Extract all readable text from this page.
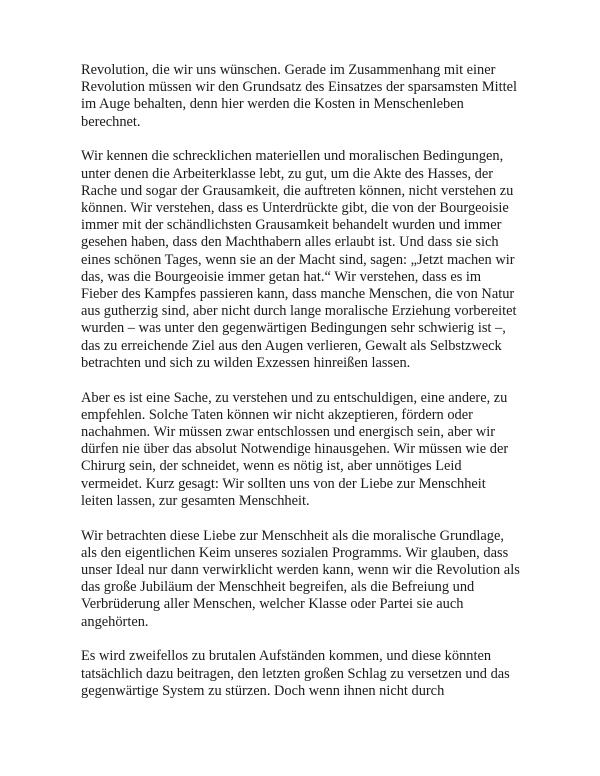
Revolution, die wir uns wünschen. Gerade im Zusammenhang mit einer
Revolution müssen wir den Grundsatz des Einsatzes der sparsamsten Mittel
im Auge behalten, denn hier werden die Kosten in Menschenleben
berechnet.

Wir kennen die schrecklichen materiellen und moralischen Bedingungen,
unter denen die Arbeiterklasse lebt, zu gut, um die Akte des Hasses, der
Rache und sogar der Grausamkeit, die auftreten können, nicht verstehen zu
können. Wir verstehen, dass es Unterdrückte gibt, die von der Bourgeoisie
immer mit der schändlichsten Grausamkeit behandelt wurden und immer
gesehen haben, dass den Machthabern alles erlaubt ist. Und dass sie sich
eines schönen Tages, wenn sie an der Macht sind, sagen: „Jetzt machen wir
das, was die Bourgeoisie immer getan hat.“ Wir verstehen, dass es im
Fieber des Kampfes passieren kann, dass manche Menschen, die von Natur
aus gutherzig sind, aber nicht durch lange moralische Erziehung vorbereitet
wurden – was unter den gegenwärtigen Bedingungen sehr schwierig ist –,
das zu erreichende Ziel aus den Augen verlieren, Gewalt als Selbstzweck
betrachten und sich zu wilden Exzessen hinreißen lassen.

Aber es ist eine Sache, zu verstehen und zu entschuldigen, eine andere, zu
empfehlen. Solche Taten können wir nicht akzeptieren, fördern oder
nachahmen. Wir müssen zwar entschlossen und energisch sein, aber wir
dürfen nie über das absolut Notwendige hinausgehen. Wir müssen wie der
Chirurg sein, der schneidet, wenn es nötig ist, aber unnötiges Leid
vermeidet. Kurz gesagt: Wir sollten uns von der Liebe zur Menschheit
leiten lassen, zur gesamten Menschheit.

Wir betrachten diese Liebe zur Menschheit als die moralische Grundlage,
als den eigentlichen Keim unseres sozialen Programms. Wir glauben, dass
unser Ideal nur dann verwirklicht werden kann, wenn wir die Revolution als
das große Jubiläum der Menschheit begreifen, als die Befreiung und
Verbrüderung aller Menschen, welcher Klasse oder Partei sie auch
angehörten.

Es wird zweifellos zu brutalen Aufständen kommen, und diese könnten
tatsächlich dazu beitragen, den letzten großen Schlag zu versetzen und das
gegenwärtige System zu stürzen. Doch wenn ihnen nicht durch
